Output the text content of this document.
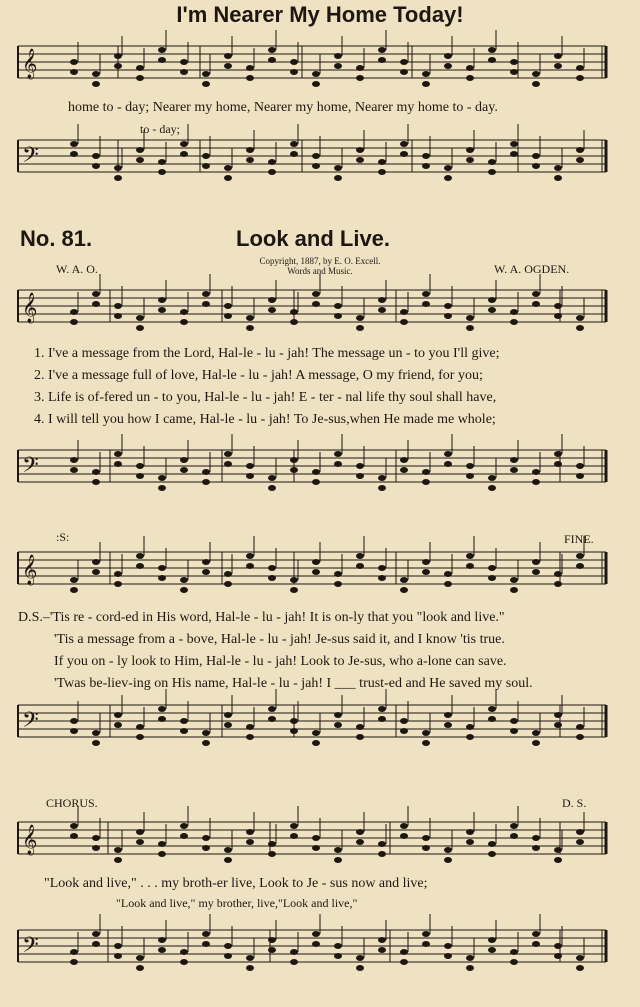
𝄞
𝄢
𝄞
𝄢
𝄞
𝄢
𝄞
𝄢
I'm Nearer My Home Today!
home to - day; Nearer my home, Nearer my home, Nearer my home to - day.
to - day;
No. 81.	Look and Live.
W. A. O.
Copyright, 1887, by E. O. Excell.
Words and Music.	W. A. OGDEN.
1. I've a message from the Lord, Hal-le - lu - jah! The message un - to you I'll give;
2. I've a message full of love, Hal-le - lu - jah! A message, O my friend, for you;
3. Life is of-fered un - to you, Hal-le - lu - jah! E - ter - nal life thy soul shall have,
4. I will tell you how I came, Hal-le - lu - jah! To Je-sus,when He made me whole;
:S:	FINE.
D.S.–'Tis re - cord-ed in His word, Hal-le - lu - jah! It is on-ly that you "look and live."
'Tis a message from a - bove, Hal-le - lu - jah! Je-sus said it, and I know 'tis true.
If you on - ly look to Him, Hal-le - lu - jah! Look to Je-sus, who a-lone can save.
'Twas be-liev-ing on His name, Hal-le - lu - jah! I ___ trust-ed and He saved my soul.
CHORUS.	D. S.
"Look and live," . . . my broth-er live, Look to Je - sus now and live;
"Look and live," my brother, live,"Look and live,"
